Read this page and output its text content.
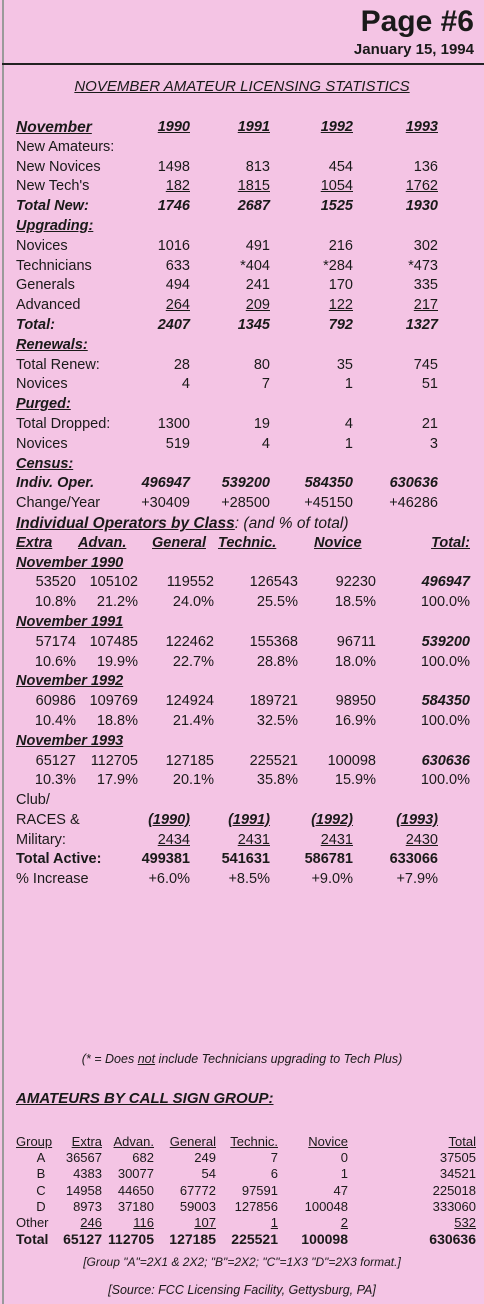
Page #6
January 15, 1994
NOVEMBER AMATEUR LICENSING STATISTICS
November	1990	1991	1992	1993
New Amateurs:
New Novices	1498	813	454	136
New Tech's	182	1815	1054	1762
Total New:	1746	2687	1525	1930
Upgrading:
Novices	1016	491	216	302
Technicians	633	*404	*284	*473
Generals	494	241	170	335
Advanced	264	209	122	217
Total:	2407	1345	792	1327
Renewals:
Total Renew:	28	80	35	745
Novices	4	7	1	51
Purged:
Total Dropped:	1300	19	4	21
Novices	519	4	1	3
Census:
Indiv. Oper.	496947	539200	584350	630636
Change/Year	+30409	+28500	+45150	+46286
Individual Operators by Class: (and % of total)
Extra Advan. General Technic.	Novice	Total:
November 1990
53520 105102	119552	126543	92230	496947
10.8%	21.2%	24.0%	25.5%	18.5%	100.0%
November 1991
57174 107485	122462	155368	96711	539200
10.6%	19.9%	22.7%	28.8%	18.0%	100.0%
November 1992
60986 109769	124924	189721	98950	584350
10.4%	18.8%	21.4%	32.5%	16.9%	100.0%
November 1993
65127	112705	127185	225521	100098	630636
10.3%	17.9%	20.1%	35.8%	15.9%	100.0%
Club/
RACES &	(1990)	(1991)	(1992)	(1993)
Military:	2434	2431	2431	2430
Total Active:	499381	541631	586781	633066
% Increase	+6.0%	+8.5%	+9.0%	+7.9%
(* = Does not include Technicians upgrading to Tech Plus)
AMATEURS BY CALL SIGN GROUP:
Group	Extra Advan.	General	Technic.	Novice	Total
A	36567	682	249	7	0	37505
B	4383	30077	54	6	1	34521
C	14958	44650	67772	97591	47	225018
D	8973	37180	59003	127856	100048	333060
Other	246	116	107	1	2	532
Total 65127 112705	127185	225521	100098	630636
[Group "A"=2X1 & 2X2; "B"=2X2; "C"=1X3 "D"=2X3 format.]
[Source: FCC Licensing Facility, Gettysburg, PA]
